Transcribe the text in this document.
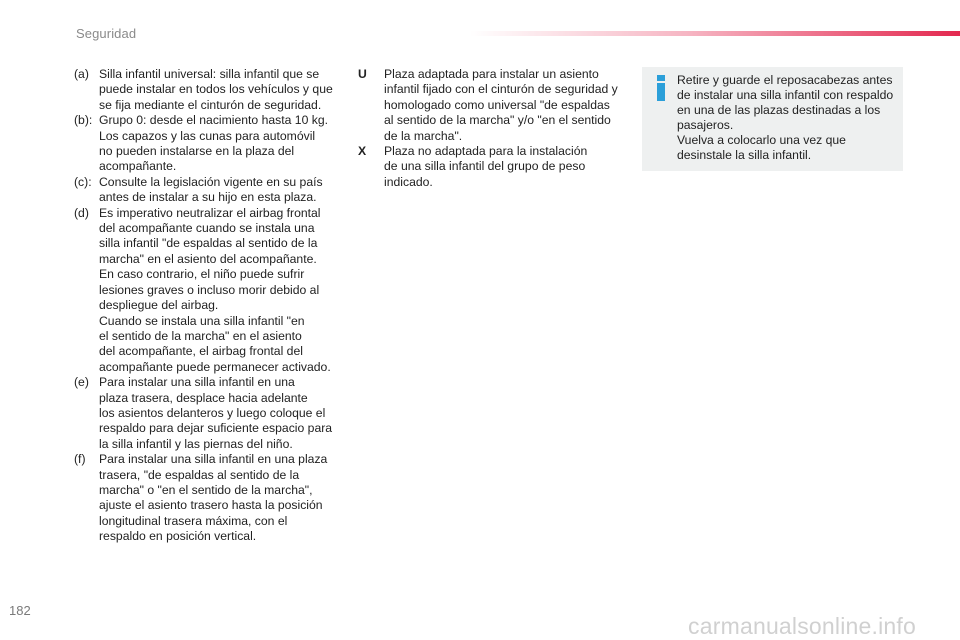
Seguridad
(a) Silla infantil universal: silla infantil que se
puede instalar en todos los vehículos y que
se fija mediante el cinturón de seguridad.
(b): Grupo 0: desde el nacimiento hasta 10 kg.
Los capazos y las cunas para automóvil
no pueden instalarse en la plaza del
acompañante.
(c): Consulte la legislación vigente en su país
antes de instalar a su hijo en esta plaza.
(d) Es imperativo neutralizar el airbag frontal
del acompañante cuando se instala una
silla infantil "de espaldas al sentido de la
marcha" en el asiento del acompañante.
En caso contrario, el niño puede sufrir
lesiones graves o incluso morir debido al
despliegue del airbag.
Cuando se instala una silla infantil "en
el sentido de la marcha" en el asiento
del acompañante, el airbag frontal del
acompañante puede permanecer activado.
(e) Para instalar una silla infantil en una
plaza trasera, desplace hacia adelante
los asientos delanteros y luego coloque el
respaldo para dejar suficiente espacio para
la silla infantil y las piernas del niño.
(f) Para instalar una silla infantil en una plaza
trasera, "de espaldas al sentido de la
marcha" o "en el sentido de la marcha",
ajuste el asiento trasero hasta la posición
longitudinal trasera máxima, con el
respaldo en posición vertical.
U Plaza adaptada para instalar un asiento
infantil fijado con el cinturón de seguridad y
homologado como universal "de espaldas
al sentido de la marcha" y/o "en el sentido
de la marcha".
X Plaza no adaptada para la instalación
de una silla infantil del grupo de peso
indicado.
Retire y guarde el reposacabezas antes
de instalar una silla infantil con respaldo
en una de las plazas destinadas a los
pasajeros.
Vuelva a colocarlo una vez que
desinstale la silla infantil.
182
carmanualsonline.info
